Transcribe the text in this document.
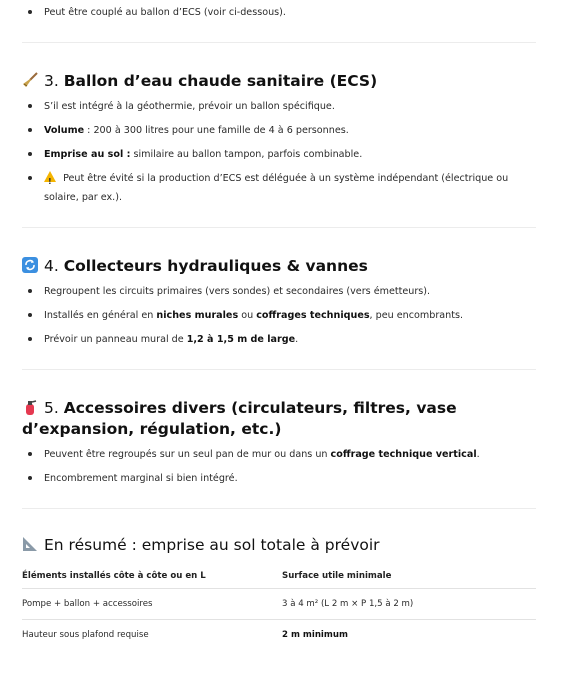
Peut être couplé au ballon d’ECS (voir ci-dessous).
3. Ballon d’eau chaude sanitaire (ECS)
S’il est intégré à la géothermie, prévoir un ballon spécifique.
Volume : 200 à 300 litres pour une famille de 4 à 6 personnes.
Emprise au sol : similaire au ballon tampon, parfois combinable.
! Peut être évité si la production d’ECS est déléguée à un système indépendant (électrique ou solaire, par ex.).
4. Collecteurs hydrauliques & vannes
Regroupent les circuits primaires (vers sondes) et secondaires (vers émetteurs).
Installés en général en niches murales ou coffrages techniques, peu encombrants.
Prévoir un panneau mural de 1,2 à 1,5 m de large.
5. Accessoires divers (circulateurs, filtres, vase d’expansion, régulation, etc.)
Peuvent être regroupés sur un seul pan de mur ou dans un coffrage technique vertical.
Encombrement marginal si bien intégré.
En résumé : emprise au sol totale à prévoir
Éléments installés côte à côte ou en L	Surface utile minimale
Pompe + ballon + accessoires	3 à 4 m² (L 2 m × P 1,5 à 2 m)
Hauteur sous plafond requise	2 m minimum
